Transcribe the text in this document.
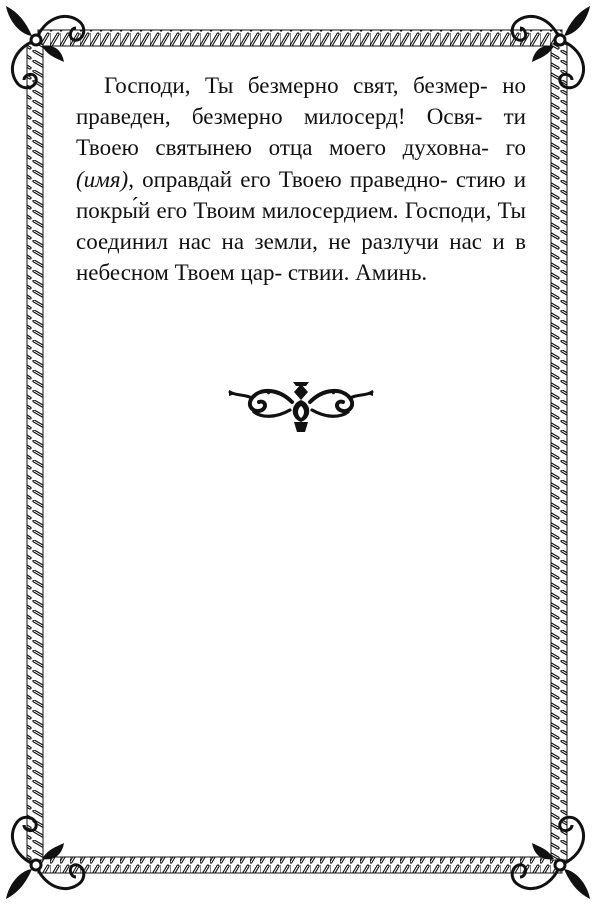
Господи, Ты безмерно свят, безмер- но праведен, безмерно милосерд! Освя- ти Твоею святынею отца моего духовна- го (имя), оправдай его Твоею праведно- стию и покры́й его Твоим милосердием. Господи, Ты соединил нас на земли, не разлучи нас и в небесном Твоем цар- ствии. Аминь.
